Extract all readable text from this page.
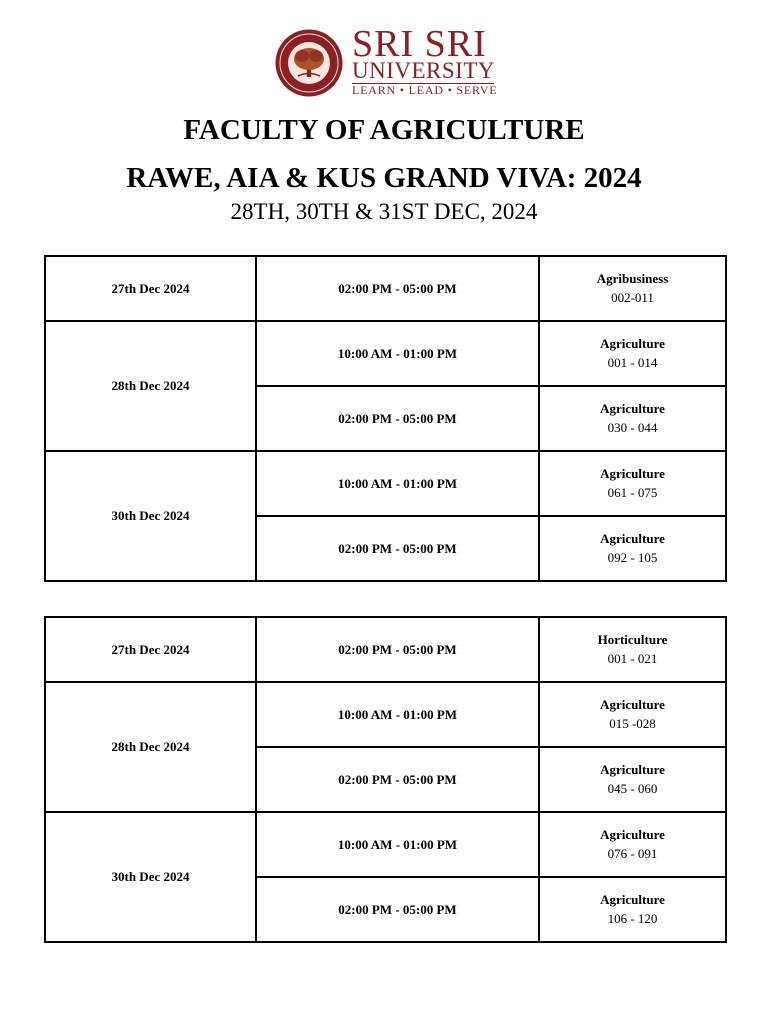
SRI SRI
UNIVERSITY
LEARN • LEAD • SERVE
FACULTY OF AGRICULTURE
RAWE, AIA & KUS GRAND VIVA: 2024
28TH, 30TH & 31ST DEC, 2024
27th Dec 2024	02:00 PM - 05:00 PM	Agribusiness
002-011

28th Dec 2024	10:00 AM - 01:00 PM	Agriculture
001 - 014

	02:00 PM - 05:00 PM	Agriculture
030 - 044

30th Dec 2024	10:00 AM - 01:00 PM	Agriculture
061 - 075

	02:00 PM - 05:00 PM	Agriculture
092 - 105
27th Dec 2024	02:00 PM - 05:00 PM	Horticulture
001 - 021

28th Dec 2024	10:00 AM - 01:00 PM	Agriculture
015 -028

	02:00 PM - 05:00 PM	Agriculture
045 - 060

30th Dec 2024	10:00 AM - 01:00 PM	Agriculture
076 - 091

	02:00 PM - 05:00 PM	Agriculture
106 - 120
